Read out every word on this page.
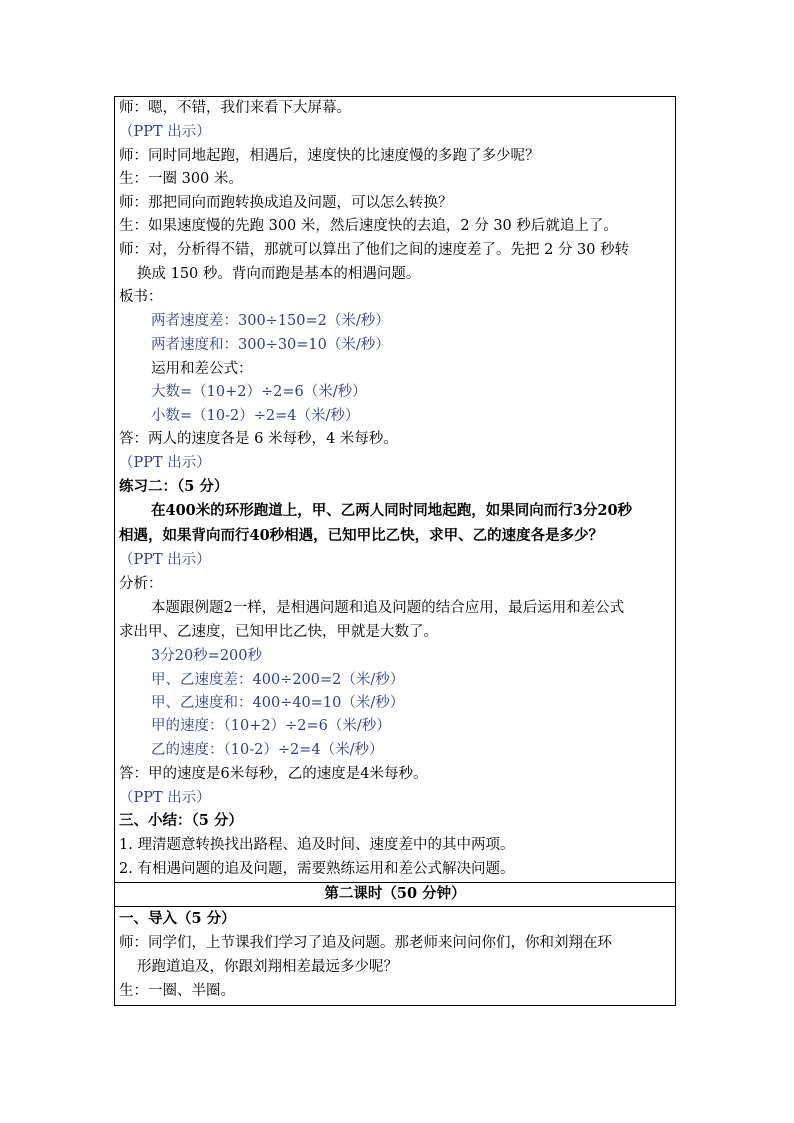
师：嗯，不错，我们来看下大屏幕。
（PPT 出示）
师：同时同地起跑，相遇后，速度快的比速度慢的多跑了多少呢？
生：一圈 300 米。
师：那把同向而跑转换成追及问题，可以怎么转换？
生：如果速度慢的先跑 300 米，然后速度快的去追，2 分 30 秒后就追上了。
师：对，分析得不错，那就可以算出了他们之间的速度差了。先把 2 分 30 秒转
换成 150 秒。背向而跑是基本的相遇问题。
板书：
两者速度差：300÷150=2（米/秒）
两者速度和：300÷30=10（米/秒）
运用和差公式：
大数=（10+2）÷2=6（米/秒）
小数=（10-2）÷2=4（米/秒）
答：两人的速度各是 6 米每秒，4 米每秒。
（PPT 出示）
练习二：（5 分）
在400米的环形跑道上，甲、乙两人同时同地起跑，如果同向而行3分20秒
相遇，如果背向而行40秒相遇，已知甲比乙快，求甲、乙的速度各是多少？
（PPT 出示）
分析：
本题跟例题2一样，是相遇问题和追及问题的结合应用，最后运用和差公式
求出甲、乙速度，已知甲比乙快，甲就是大数了。
3分20秒=200秒
甲、乙速度差：400÷200=2（米/秒）
甲、乙速度和：400÷40=10（米/秒）
甲的速度：（10+2）÷2=6（米/秒）
乙的速度：（10-2）÷2=4（米/秒）
答：甲的速度是6米每秒，乙的速度是4米每秒。
（PPT 出示）
三、小结：（5 分）
1. 理清题意转换找出路程、追及时间、速度差中的其中两项。
2. 有相遇问题的追及问题，需要熟练运用和差公式解决问题。
第二课时（50 分钟）
一、导入（5 分）
师：同学们，上节课我们学习了追及问题。那老师来问问你们，你和刘翔在环
形跑道追及，你跟刘翔相差最远多少呢？
生：一圈、半圈。
